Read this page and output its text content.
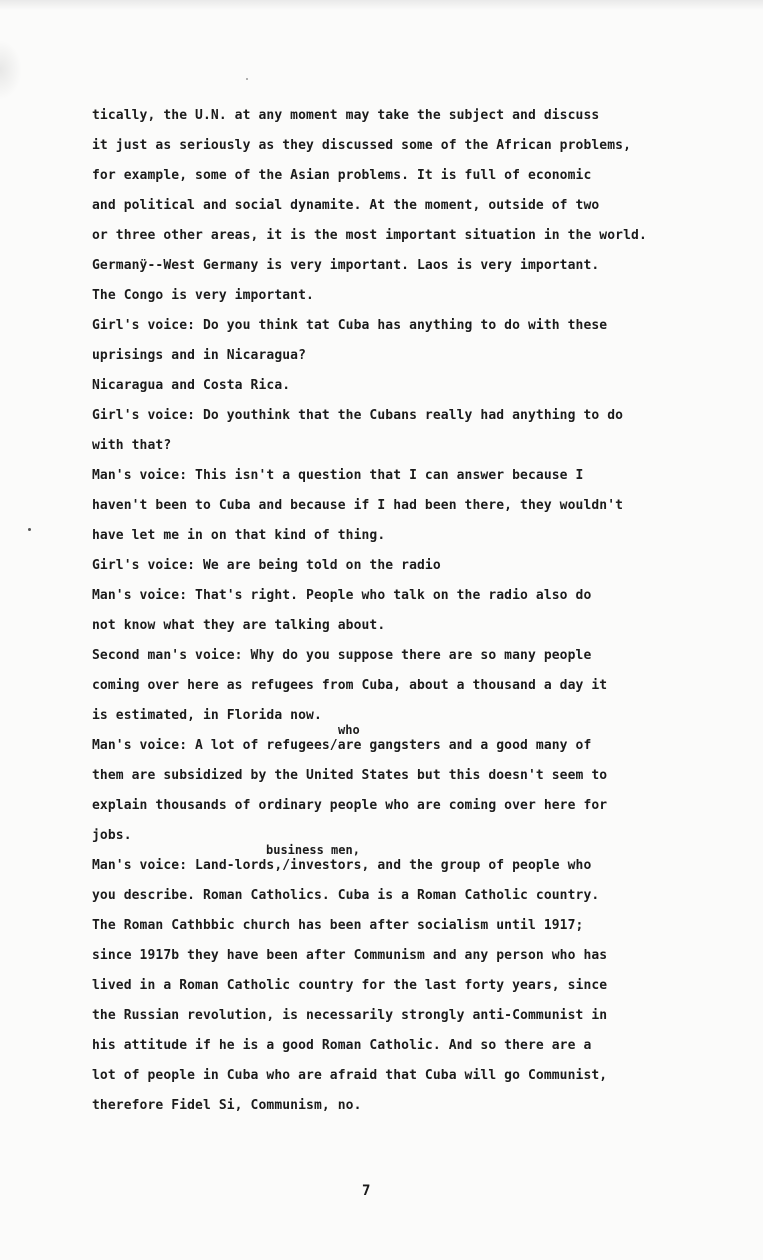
tically, the U.N. at any moment may take the subject and discuss
it just as seriously as they discussed some of the African problems,
for example, some of the Asian problems. It is full of economic
and political and social dynamite. At the moment, outside of two
or three other areas, it is the most important situation in the world.
Germanÿ--West Germany is very important. Laos is very important.
The Congo is very important.
Girl's voice: Do you think tat Cuba has anything to do with these
uprisings and in Nicaragua?
Nicaragua and Costa Rica.
Girl's voice: Do youthink that the Cubans really had anything to do
with that?
Man's voice: This isn't a question that I can answer because I
haven't been to Cuba and because if I had been there, they wouldn't
have let me in on that kind of thing.
Girl's voice: We are being told on the radio
Man's voice: That's right. People who talk on the radio also do
not know what they are talking about.
Second man's voice: Why do you suppose there are so many people
coming over here as refugees from Cuba, about a thousand a day it
is estimated, in Florida now.
who
Man's voice: A lot of refugees/are gangsters and a good many of
them are subsidized by the United States but this doesn't seem to
explain thousands of ordinary people who are coming over here for
jobs.
business men,
Man's voice: Land-lords,/investors, and the group of people who
you describe. Roman Catholics. Cuba is a Roman Catholic country.
The Roman Cathbbic church has been after socialism until 1917;
since 1917b they have been after Communism and any person who has
lived in a Roman Catholic country for the last forty years, since
the Russian revolution, is necessarily strongly anti-Communist in
his attitude if he is a good Roman Catholic. And so there are a
lot of people in Cuba who are afraid that Cuba will go Communist,
therefore Fidel Si, Communism, no.
7
